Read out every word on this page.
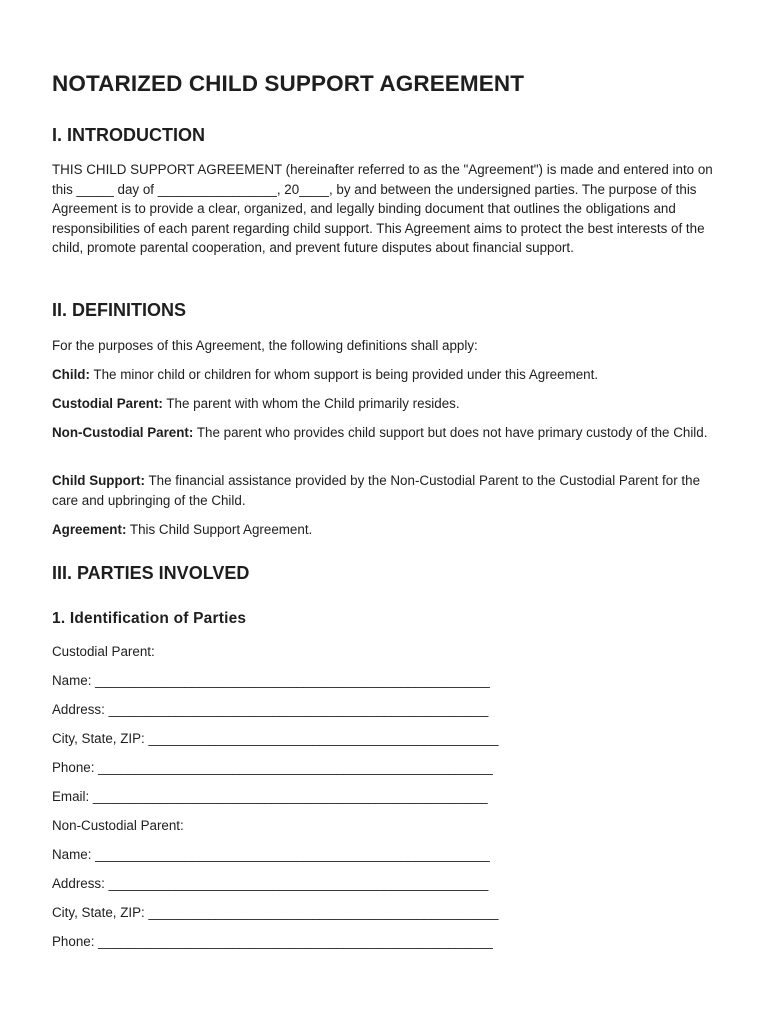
NOTARIZED CHILD SUPPORT AGREEMENT
I. INTRODUCTION

THIS CHILD SUPPORT AGREEMENT (hereinafter referred to as the "Agreement") is made and entered into on this _____ day of ________________, 20____, by and between the undersigned parties. The purpose of this Agreement is to provide a clear, organized, and legally binding document that outlines the obligations and responsibilities of each parent regarding child support. This Agreement aims to protect the best interests of the child, promote parental cooperation, and prevent future disputes about financial support.

II. DEFINITIONS

For the purposes of this Agreement, the following definitions shall apply:

Child: The minor child or children for whom support is being provided under this Agreement.

Custodial Parent: The parent with whom the Child primarily resides.

Non-Custodial Parent: The parent who provides child support but does not have primary custody of the Child.

Child Support: The financial assistance provided by the Non-Custodial Parent to the Custodial Parent for the care and upbringing of the Child.

Agreement: This Child Support Agreement.

III. PARTIES INVOLVED
1. Identification of Parties

Custodial Parent:

Name: _____________________________________________________

Address: ___________________________________________________

City, State, ZIP: _______________________________________________

Phone: _____________________________________________________

Email: _____________________________________________________

Non-Custodial Parent:

Name: _____________________________________________________

Address: ___________________________________________________

City, State, ZIP: _______________________________________________

Phone: _____________________________________________________
